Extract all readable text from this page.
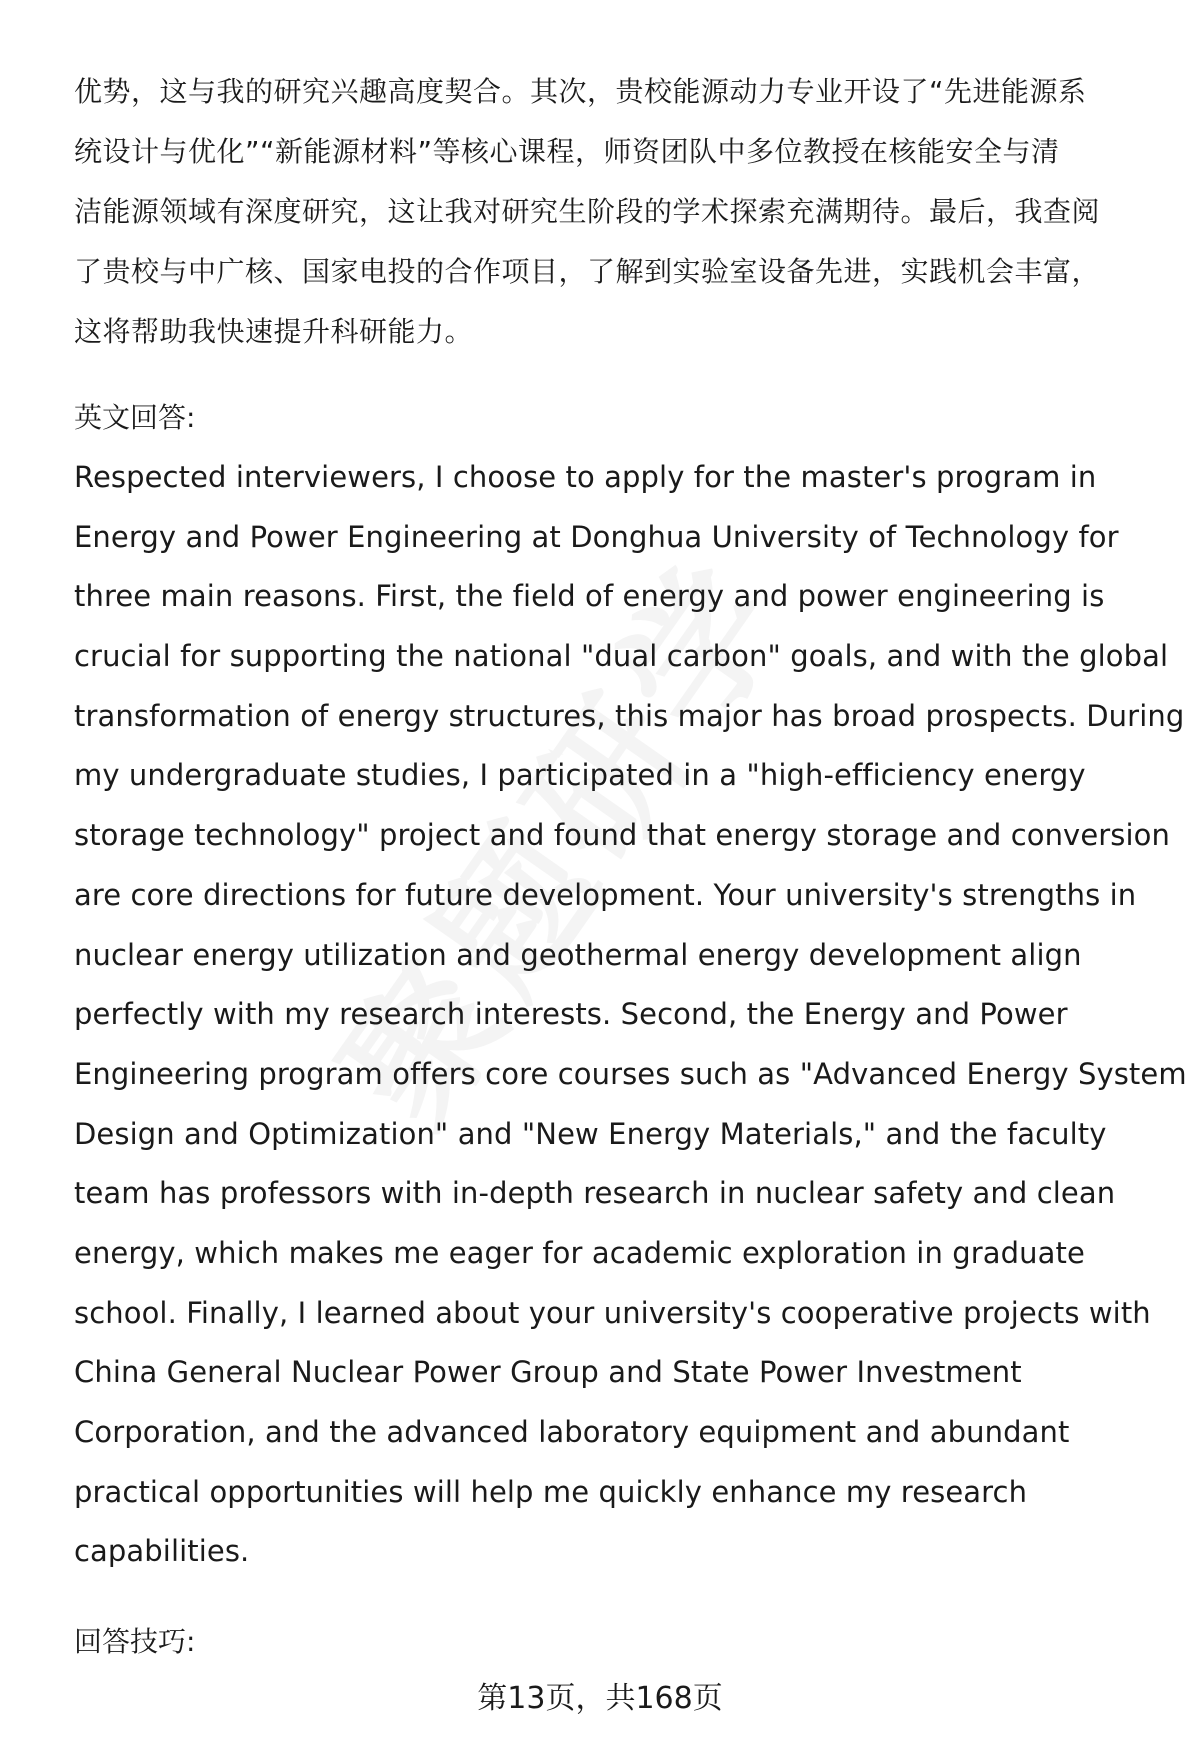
优势，这与我的研究兴趣高度契合。其次，贵校能源动力专业开设了“先进能源系
统设计与优化”“新能源材料”等核心课程，师资团队中多位教授在核能安全与清
洁能源领域有深度研究，这让我对研究生阶段的学术探索充满期待。最后，我查阅
了贵校与中广核、国家电投的合作项目，了解到实验室设备先进，实践机会丰富，
这将帮助我快速提升科研能力。
英文回答:
Respected interviewers, I choose to apply for the master's program in
Energy and Power Engineering at Donghua University of Technology for
three main reasons. First, the field of energy and power engineering is
crucial for supporting the national "dual carbon" goals, and with the global
transformation of energy structures, this major has broad prospects. During
my undergraduate studies, I participated in a "high-efficiency energy
storage technology" project and found that energy storage and conversion
are core directions for future development. Your university's strengths in
nuclear energy utilization and geothermal energy development align
perfectly with my research interests. Second, the Energy and Power
Engineering program offers core courses such as "Advanced Energy System
Design and Optimization" and "New Energy Materials," and the faculty
team has professors with in-depth research in nuclear safety and clean
energy, which makes me eager for academic exploration in graduate
school. Finally, I learned about your university's cooperative projects with
China General Nuclear Power Group and State Power Investment
Corporation, and the advanced laboratory equipment and abundant
practical opportunities will help me quickly enhance my research
capabilities.
回答技巧:
第13页，共168页
